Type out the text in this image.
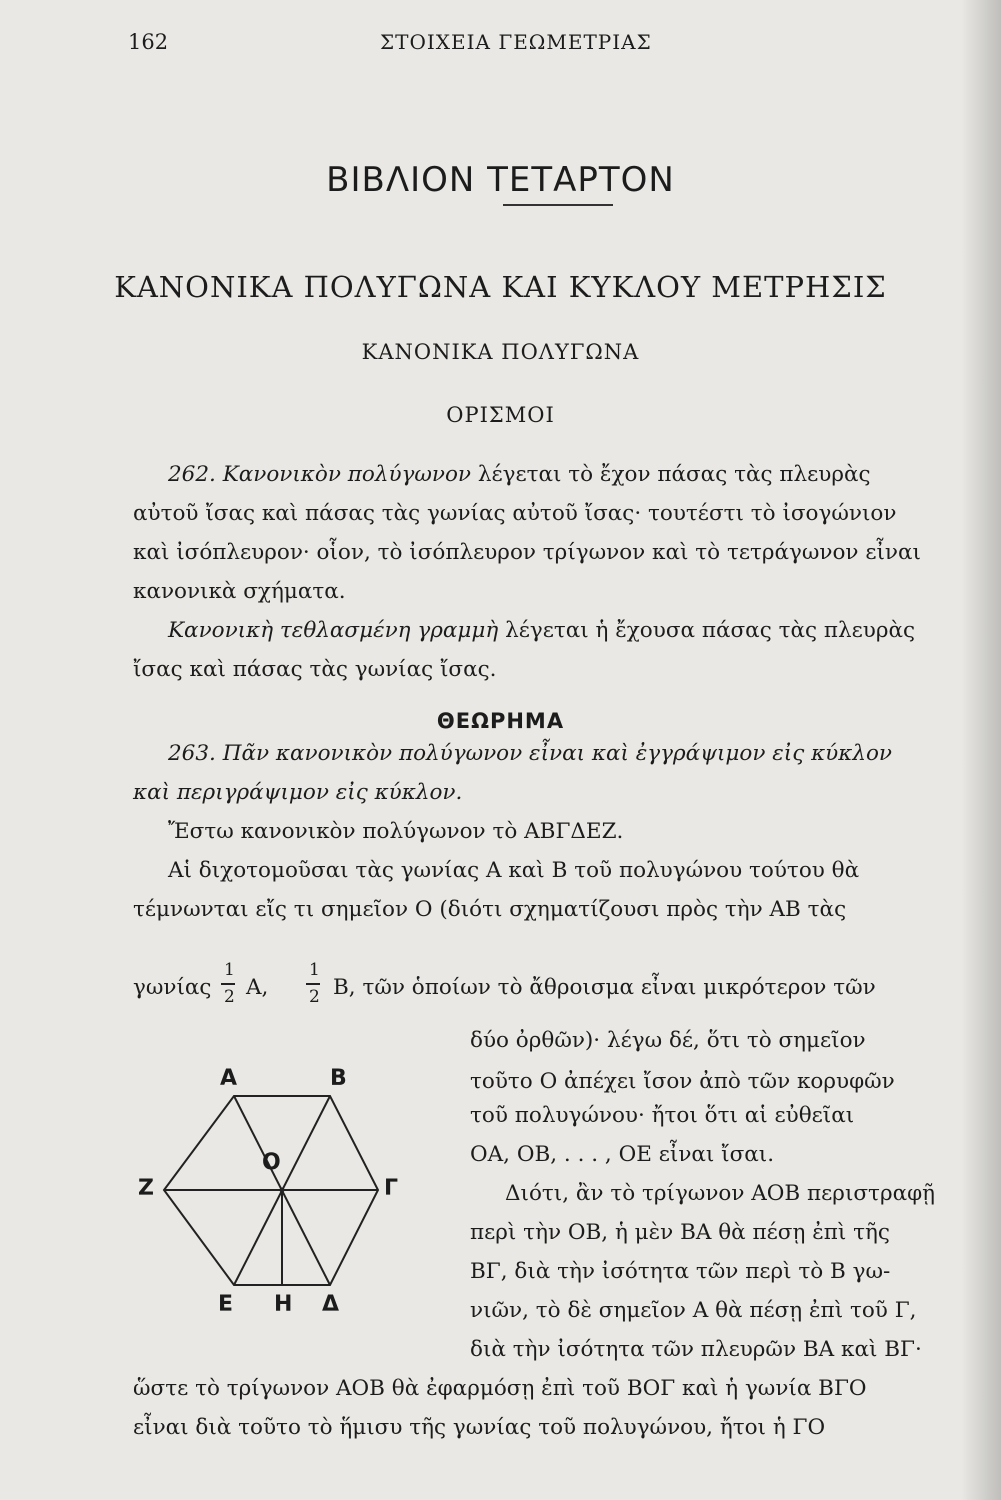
162	ΣΤΟΙΧΕΙΑ ΓΕΩΜΕΤΡΙΑΣ
ΒΙΒΛΙΟΝ ΤΕΤΑΡΤΟΝ
ΚΑΝΟΝΙΚΑ ΠΟΛΥΓΩΝΑ ΚΑΙ ΚΥΚΛΟΥ ΜΕΤΡΗΣΙΣ
ΚΑΝΟΝΙΚΑ ΠΟΛΥΓΩΝΑ
ΟΡΙΣΜΟΙ
262. Κανονικὸν πολύγωνον λέγεται τὸ ἔχον πάσας τὰς πλευρὰς
αὐτοῦ ἴσας καὶ πάσας τὰς γωνίας αὐτοῦ ἴσας· τουτέστι τὸ ἰσογώνιον
καὶ ἰσόπλευρον· οἷον, τὸ ἰσόπλευρον τρίγωνον καὶ τὸ τετράγωνον εἶναι
κανονικὰ σχήματα.
Κανονικὴ τεθλασμένη γραμμὴ λέγεται ἡ ἔχουσα πάσας τὰς πλευρὰς
ἴσας καὶ πάσας τὰς γωνίας ἴσας.
ΘΕΩΡΗΜΑ
263. Πᾶν κανονικὸν πολύγωνον εἶναι καὶ ἐγγράψιμον εἰς κύκλον
καὶ περιγράψιμον εἰς κύκλον.
Ἔστω κανονικὸν πολύγωνον τὸ ΑΒΓΔΕΖ.
Αἱ διχοτομοῦσαι τὰς γωνίας Α καὶ Β τοῦ πολυγώνου τούτου θὰ
τέμνωνται εἴς τι σημεῖον Ο (διότι σχηματίζουσι πρὸς τὴν ΑΒ τὰς
γωνίας
1
2 Α,
1
2 Β, τῶν ὁποίων τὸ ἄθροισμα εἶναι μικρότερον τῶν
δύο ὀρθῶν)· λέγω δέ, ὅτι τὸ σημεῖον
τοῦτο Ο ἀπέχει ἴσον ἀπὸ τῶν κορυφῶν
τοῦ πολυγώνου· ἤτοι ὅτι αἱ εὐθεῖαι
ΟΑ, ΟΒ, . . . , ΟΕ εἶναι ἴσαι.
Διότι, ἂν τὸ τρίγωνον ΑΟΒ περιστραφῇ
περὶ τὴν ΟΒ, ἡ μὲν ΒΑ θὰ πέσῃ ἐπὶ τῆς
ΒΓ, διὰ τὴν ἰσότητα τῶν περὶ τὸ Β γω-
νιῶν, τὸ δὲ σημεῖον Α θὰ πέσῃ ἐπὶ τοῦ Γ,
διὰ τὴν ἰσότητα τῶν πλευρῶν ΒΑ καὶ ΒΓ·
ὥστε τὸ τρίγωνον ΑΟΒ θὰ ἐφαρμόσῃ ἐπὶ τοῦ ΒΟΓ καὶ ἡ γωνία ΒΓΟ
εἶναι διὰ τοῦτο τὸ ἥμισυ τῆς γωνίας τοῦ πολυγώνου, ἤτοι ἡ ΓΟ
Α	Β
Γ
Ζ
Ο
Ε Η Δ
